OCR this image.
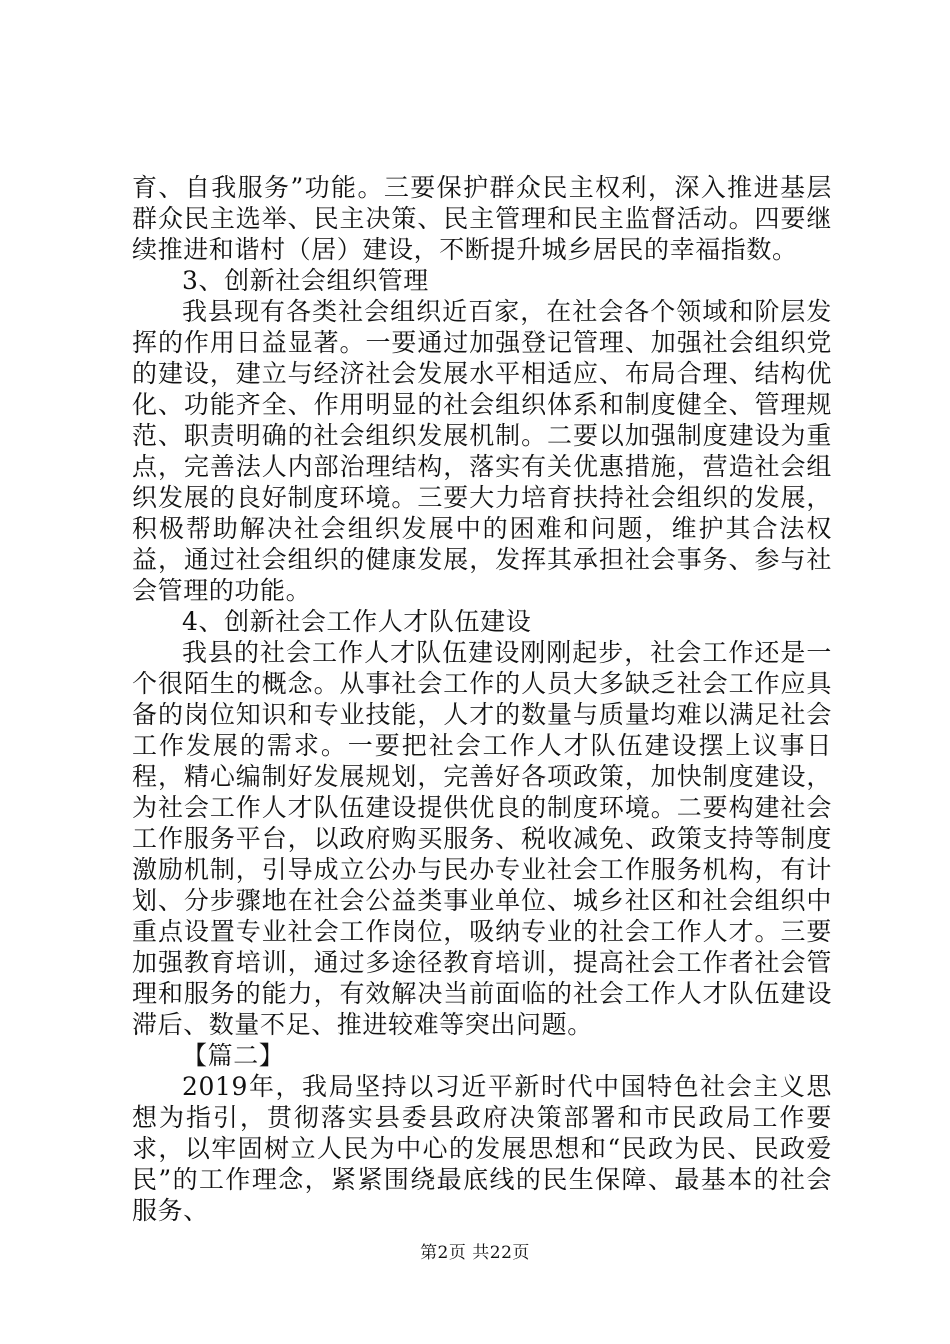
育、自我服务”功能。三要保护群众民主权利，深入推进基层群众民主选举、民主决策、民主管理和民主监督活动。四要继续推进和谐村（居）建设，不断提升城乡居民的幸福指数。

3、创新社会组织管理

我县现有各类社会组织近百家，在社会各个领域和阶层发挥的作用日益显著。一要通过加强登记管理、加强社会组织党的建设，建立与经济社会发展水平相适应、布局合理、结构优化、功能齐全、作用明显的社会组织体系和制度健全、管理规范、职责明确的社会组织发展机制。二要以加强制度建设为重点，完善法人内部治理结构，落实有关优惠措施，营造社会组织发展的良好制度环境。三要大力培育扶持社会组织的发展，积极帮助解决社会组织发展中的困难和问题，维护其合法权益，通过社会组织的健康发展，发挥其承担社会事务、参与社会管理的功能。

4、创新社会工作人才队伍建设

我县的社会工作人才队伍建设刚刚起步，社会工作还是一个很陌生的概念。从事社会工作的人员大多缺乏社会工作应具备的岗位知识和专业技能，人才的数量与质量均难以满足社会工作发展的需求。一要把社会工作人才队伍建设摆上议事日程，精心编制好发展规划，完善好各项政策，加快制度建设，为社会工作人才队伍建设提供优良的制度环境。二要构建社会工作服务平台，以政府购买服务、税收减免、政策支持等制度激励机制，引导成立公办与民办专业社会工作服务机构，有计划、分步骤地在社会公益类事业单位、城乡社区和社会组织中重点设置专业社会工作岗位，吸纳专业的社会工作人才。三要加强教育培训，通过多途径教育培训，提高社会工作者社会管理和服务的能力，有效解决当前面临的社会工作人才队伍建设滞后、数量不足、推进较难等突出问题。

【篇二】

2019年，我局坚持以习近平新时代中国特色社会主义思想为指引，贯彻落实县委县政府决策部署和市民政局工作要求，以牢固树立人民为中心的发展思想和“民政为民、民政爱民”的工作理念，紧紧围绕最底线的民生保障、最基本的社会服务、

第2页 共22页
